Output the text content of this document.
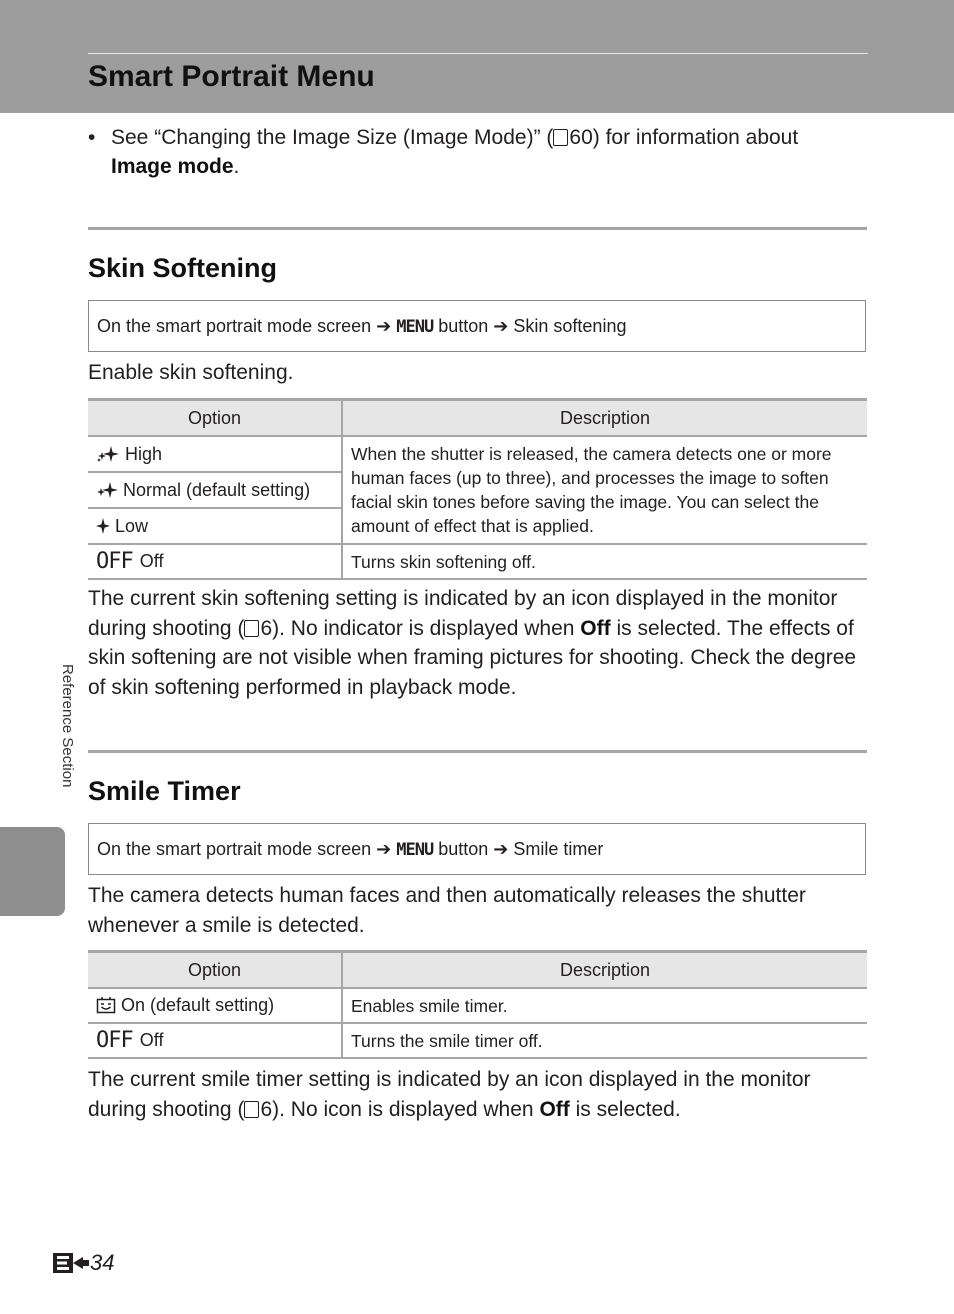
Smart Portrait Menu
• See “Changing the Image Size (Image Mode)” ( 60) for information about
Image mode.
Skin Softening
On the smart portrait mode screen ➔ MENU button ➔ Skin softening
Enable skin softening.
Option	Description
High	When the shutter is released, the camera detects one or more human faces (up to three), and processes the image to soften facial skin tones before saving the image. You can select the amount of effect that is applied.
Normal (default setting)	
Low	
OFF Off	Turns skin softening off.
The current skin softening setting is indicated by an icon displayed in the monitor during shooting ( 6). No indicator is displayed when Off is selected. The effects of skin softening are not visible when framing pictures for shooting. Check the degree of skin softening performed in playback mode.
Smile Timer
On the smart portrait mode screen ➔ MENU button ➔ Smile timer
The camera detects human faces and then automatically releases the shutter whenever a smile is detected.
Option	Description
On (default setting)	Enables smile timer.
OFF Off	Turns the smile timer off.
The current smile timer setting is indicated by an icon displayed in the monitor during shooting ( 6). No icon is displayed when Off is selected.
Reference Section
34
